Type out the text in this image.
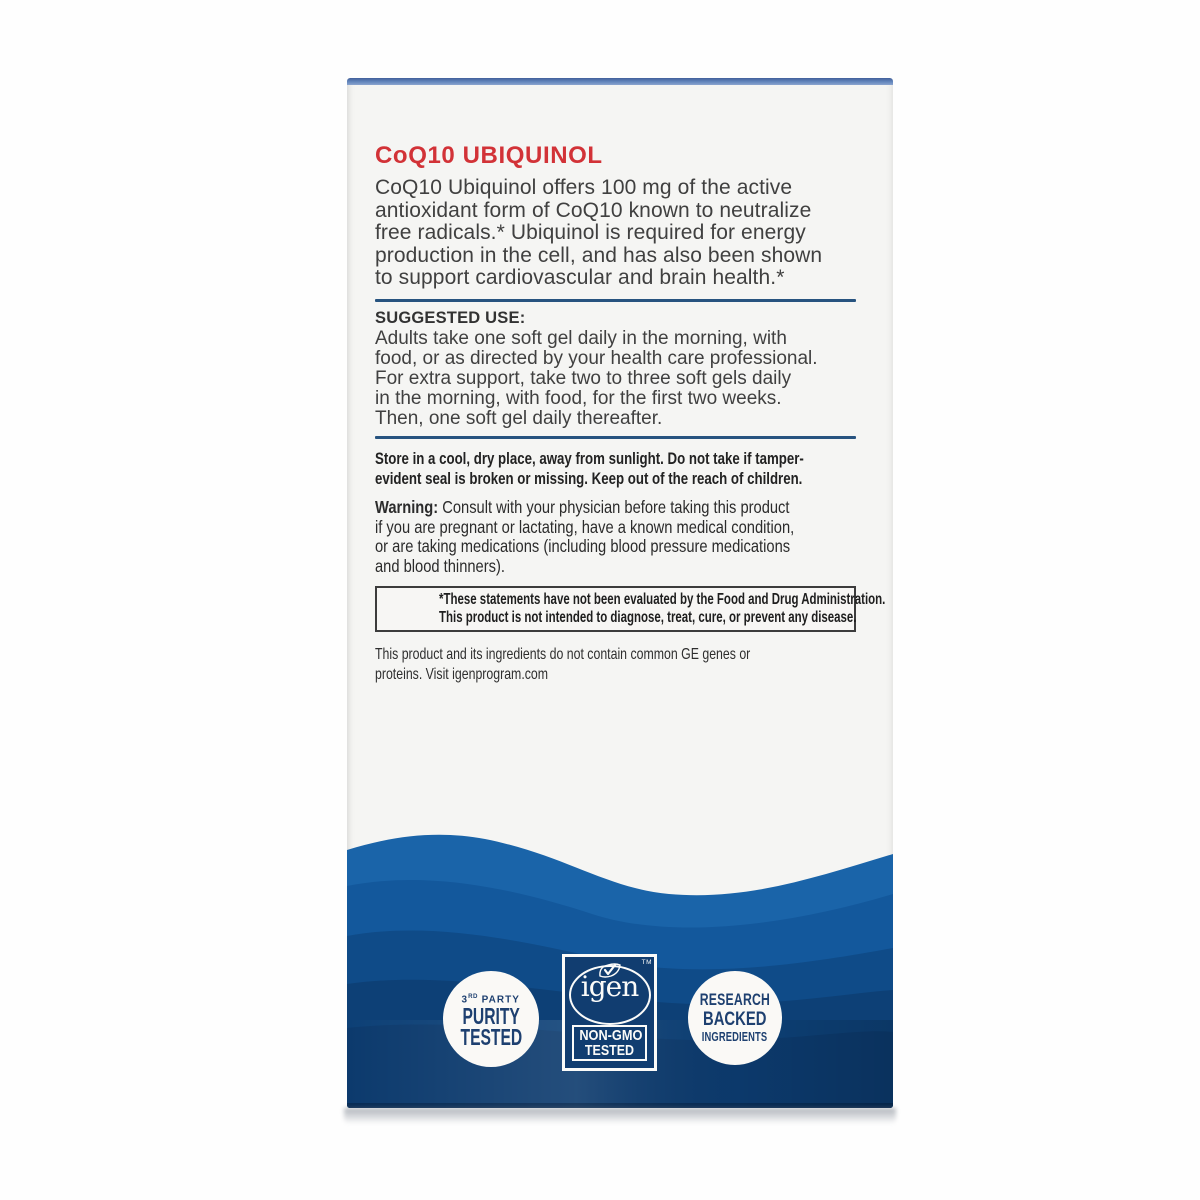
CoQ10 UBIQUINOL
CoQ10 Ubiquinol offers 100 mg of the active
antioxidant form of CoQ10 known to neutralize
free radicals.* Ubiquinol is required for energy
production in the cell, and has also been shown
to support cardiovascular and brain health.*
SUGGESTED USE:
Adults take one soft gel daily in the morning, with
food, or as directed by your health care professional.
For extra support, take two to three soft gels daily
in the morning, with food, for the first two weeks.
Then, one soft gel daily thereafter.
Store in a cool, dry place, away from sunlight. Do not take if tamper-
evident seal is broken or missing. Keep out of the reach of children.
Warning: Consult with your physician before taking this product
if you are pregnant or lactating, have a known medical condition,
or are taking medications (including blood pressure medications
and blood thinners).
*These statements have not been evaluated by the Food and Drug Administration.
This product is not intended to diagnose, treat, cure, or prevent any disease.
This product and its ingredients do not contain common GE genes or
proteins. Visit igenprogram.com
3RD PARTY
PURITY
TESTED
igen
TM
NON-GMO
TESTED
RESEARCH
BACKED
INGREDIENTS
